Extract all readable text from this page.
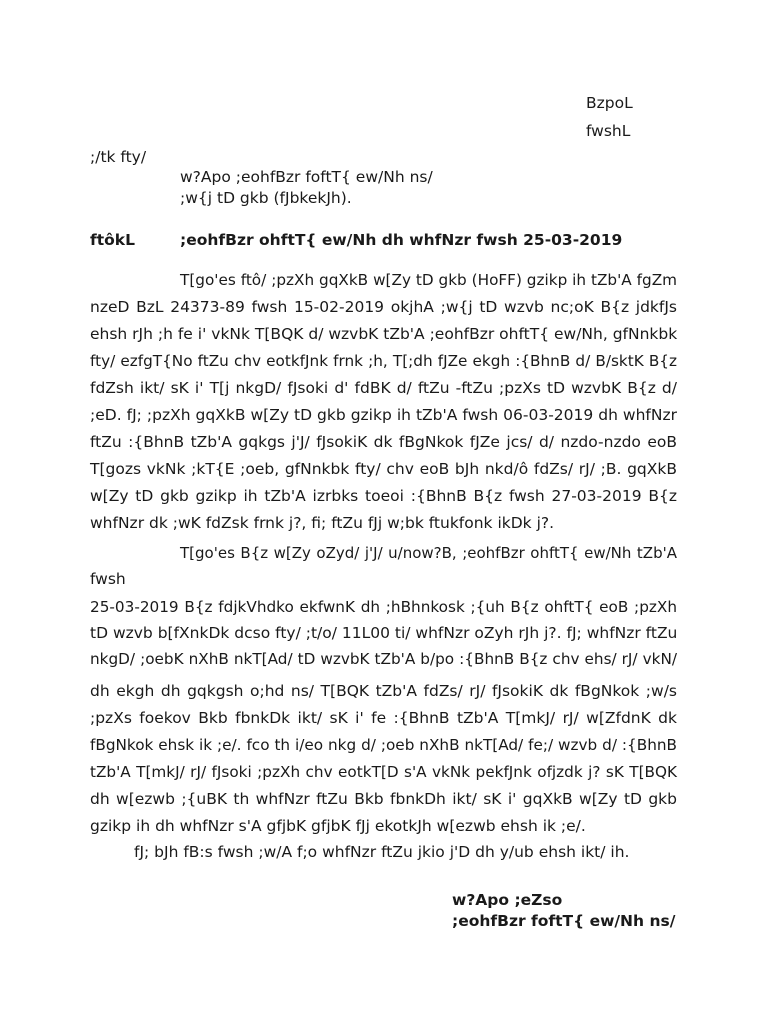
BzpoL
fwshL
;/tk fty/
w?Apo ;eohfBzr foftT{ ew/Nh ns/
;w{j tD gkb (fJbkekJh).
ftôkL	;eohfBzr ohftT{ ew/Nh dh whfNzr fwsh 25-03-2019
T[go'es ftô/ ;pzXh gqXkB w[Zy tD gkb (HoFF) gzikp ih tZb'A fgZm
nzeD BzL 24373-89 fwsh 15-02-2019 okjhA ;w{j tD wzvb nc;oK B{z jdkfJs
ehsh rJh ;h fe i' vkNk T[BQK d/ wzvbK tZb'A ;eohfBzr ohftT{ ew/Nh, gfNnkbk
fty/ ezfgT{No ftZu chv eotkfJnk frnk ;h, T[;dh fJZe ekgh :{BhnB d/ B/sktK B{z
fdZsh ikt/ sK i' T[j nkgD/ fJsoki d' fdBK d/ ftZu -ftZu ;pzXs tD wzvbK B{z d/
;eD. fJ; ;pzXh gqXkB w[Zy tD gkb gzikp ih tZb'A fwsh 06-03-2019 dh whfNzr
ftZu :{BhnB tZb'A gqkgs j'J/ fJsokiK dk fBgNkok fJZe jcs/ d/ nzdo-nzdo eoB
T[gozs vkNk ;kT{E ;oeb, gfNnkbk fty/ chv eoB bJh nkd/ô fdZs/ rJ/ ;B. gqXkB
w[Zy tD gkb gzikp ih tZb'A izrbks toeoi :{BhnB B{z fwsh 27-03-2019 B{z
whfNzr dk ;wK fdZsk frnk j?, fi; ftZu fJj w;bk ftukfonk ikDk j?.
T[go'es B{z w[Zy oZyd/ j'J/ u/now?B, ;eohfBzr ohftT{ ew/Nh tZb'A
fwsh
25-03-2019 B{z fdjkVhdko ekfwnK dh ;hBhnkosk ;{uh B{z ohftT{ eoB ;pzXh
tD wzvb b[fXnkDk dcso fty/ ;t/o/ 11L00 ti/ whfNzr oZyh rJh j?. fJ; whfNzr ftZu
nkgD/ ;oebK nXhB nkT[Ad/ tD wzvbK tZb'A b/po :{BhnB B{z chv ehs/ rJ/ vkN/
dh ekgh dh gqkgsh o;hd ns/ T[BQK tZb'A fdZs/ rJ/ fJsokiK dk fBgNkok ;w/s
;pzXs foekov Bkb fbnkDk ikt/ sK i' fe :{BhnB tZb'A T[mkJ/ rJ/ w[ZfdnK dk
fBgNkok ehsk ik ;e/. fco th i/eo nkg d/ ;oeb nXhB nkT[Ad/ fe;/ wzvb d/ :{BhnB
tZb'A T[mkJ/ rJ/ fJsoki ;pzXh chv eotkT[D s'A vkNk pekfJnk ofjzdk j? sK T[BQK
dh w[ezwb ;{uBK th whfNzr ftZu Bkb fbnkDh ikt/ sK i' gqXkB w[Zy tD gkb
gzikp ih dh whfNzr s'A gfjbK gfjbK fJj ekotkJh w[ezwb ehsh ik ;e/.
fJ; bJh fB:s fwsh ;w/A f;o whfNzr ftZu jkio j'D dh y/ub ehsh ikt/ ih.
w?Apo ;eZso
;eohfBzr foftT{ ew/Nh ns/
